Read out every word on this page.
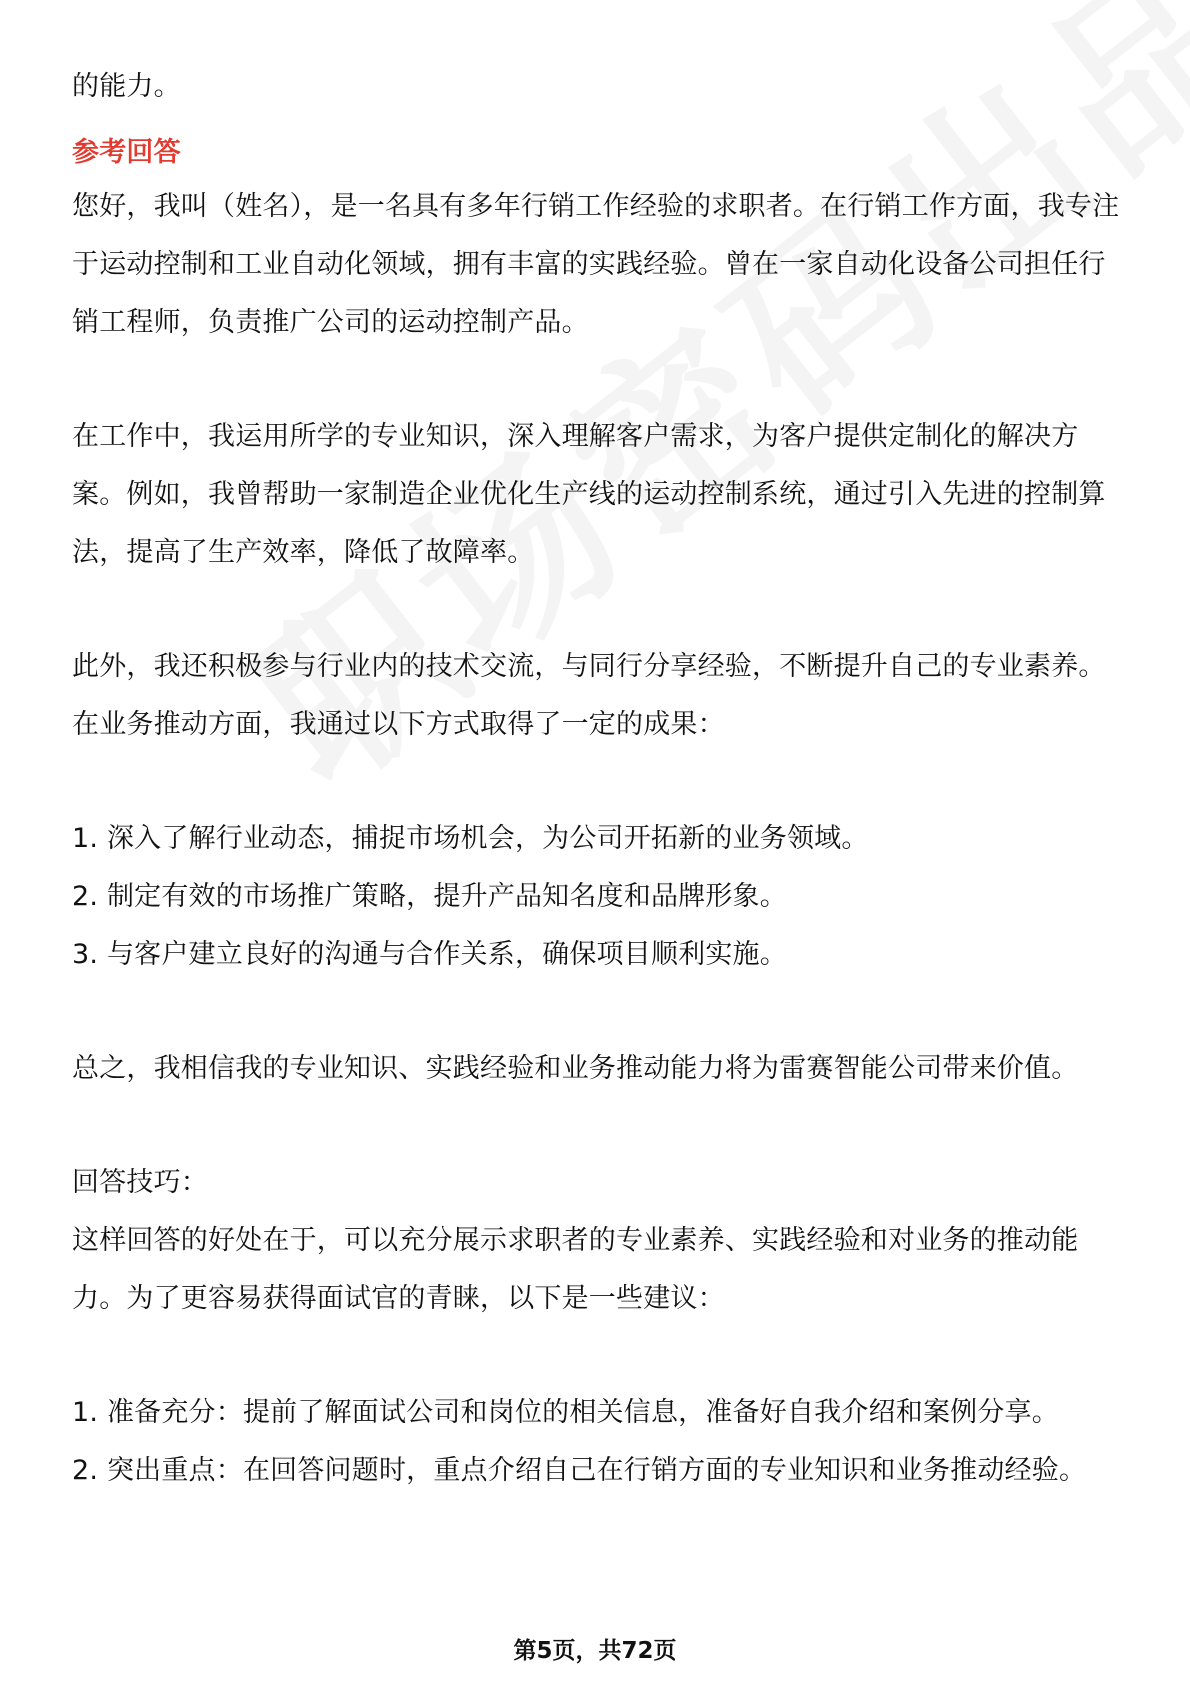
的能力。

参考回答

您好，我叫（姓名），是一名具有多年行销工作经验的求职者。在行销工作方面，我专注于运动控制和工业自动化领域，拥有丰富的实践经验。曾在一家自动化设备公司担任行销工程师，负责推广公司的运动控制产品。

在工作中，我运用所学的专业知识，深入理解客户需求，为客户提供定制化的解决方案。例如，我曾帮助一家制造企业优化生产线的运动控制系统，通过引入先进的控制算法，提高了生产效率，降低了故障率。

此外，我还积极参与行业内的技术交流，与同行分享经验，不断提升自己的专业素养。在业务推动方面，我通过以下方式取得了一定的成果：

1. 深入了解行业动态，捕捉市场机会，为公司开拓新的业务领域。

2. 制定有效的市场推广策略，提升产品知名度和品牌形象。

3. 与客户建立良好的沟通与合作关系，确保项目顺利实施。

总之，我相信我的专业知识、实践经验和业务推动能力将为雷赛智能公司带来价值。

回答技巧：

这样回答的好处在于，可以充分展示求职者的专业素养、实践经验和对业务的推动能力。为了更容易获得面试官的青睐，以下是一些建议：

1. 准备充分：提前了解面试公司和岗位的相关信息，准备好自我介绍和案例分享。

2. 突出重点：在回答问题时，重点介绍自己在行销方面的专业知识和业务推动经验。

第5页，共72页
